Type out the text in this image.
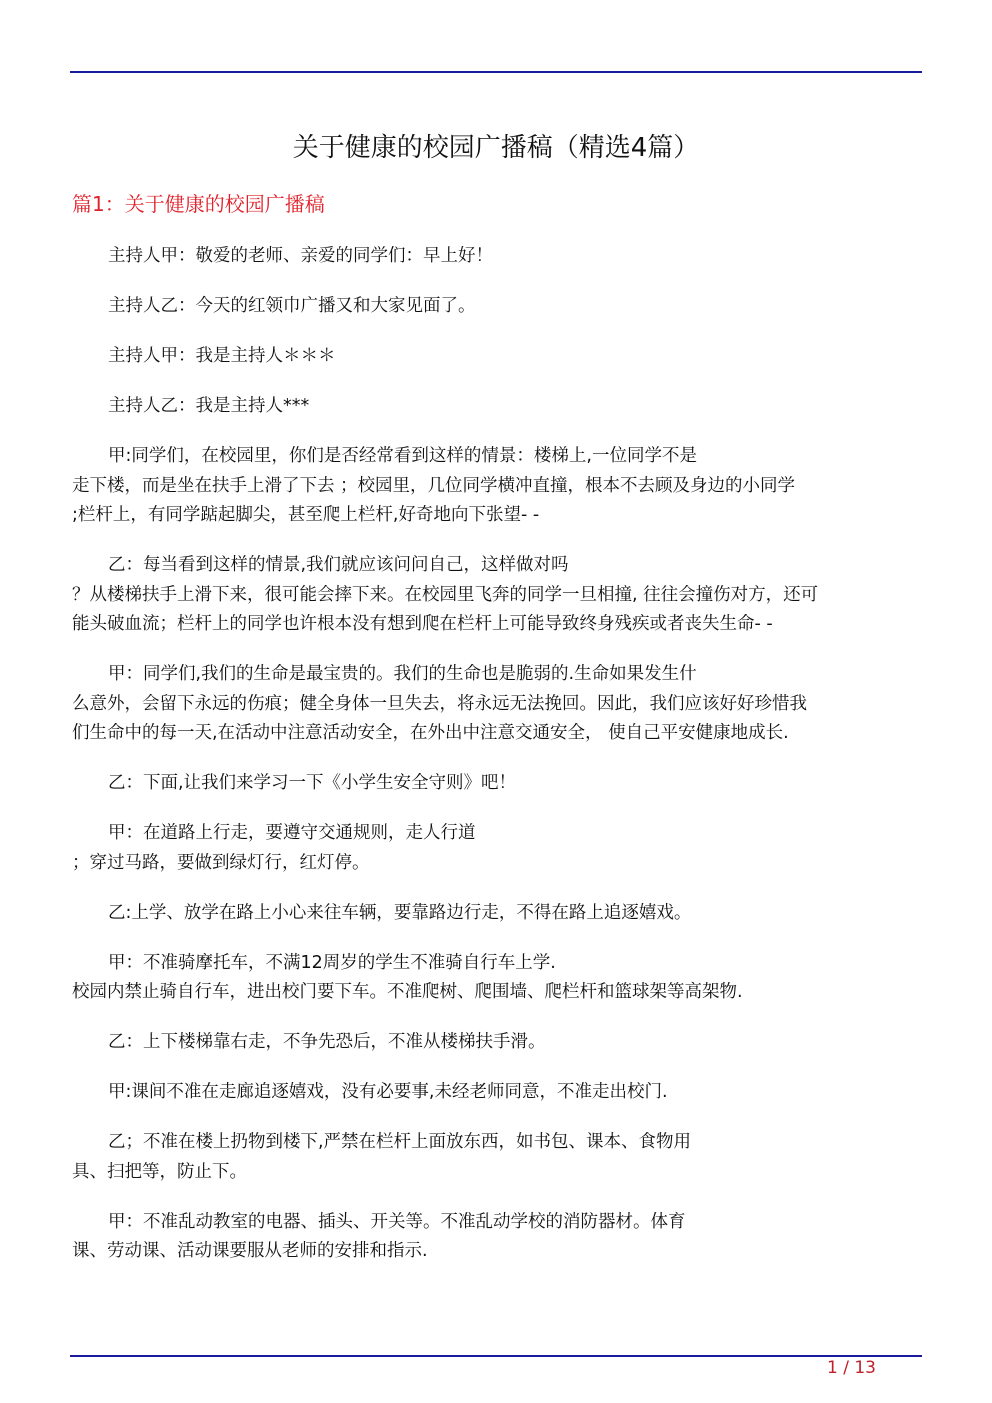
关于健康的校园广播稿（精选4篇）
篇1：关于健康的校园广播稿
主持人甲：敬爱的老师、亲爱的同学们：早上好！
主持人乙：今天的红领巾广播又和大家见面了。
主持人甲：我是主持人＊＊＊
主持人乙：我是主持人***
甲:同学们，在校园里，你们是否经常看到这样的情景：楼梯上,一位同学不是
走下楼，而是坐在扶手上滑了下去 ；校园里，几位同学横冲直撞，根本不去顾及身边的小同学
;栏杆上，有同学踮起脚尖，甚至爬上栏杆,好奇地向下张望- -
乙：每当看到这样的情景,我们就应该问问自己，这样做对吗
？从楼梯扶手上滑下来，很可能会摔下来。在校园里飞奔的同学一旦相撞, 往往会撞伤对方，还可
能头破血流；栏杆上的同学也许根本没有想到爬在栏杆上可能导致终身残疾或者丧失生命- -
甲：同学们,我们的生命是最宝贵的。我们的生命也是脆弱的.生命如果发生什
么意外，会留下永远的伤痕；健全身体一旦失去，将永远无法挽回。因此，我们应该好好珍惜我
们生命中的每一天,在活动中注意活动安全，在外出中注意交通安全， 使自己平安健康地成长.
乙：下面,让我们来学习一下《小学生安全守则》吧！
甲：在道路上行走，要遵守交通规则，走人行道
；穿过马路，要做到绿灯行，红灯停。
乙:上学、放学在路上小心来往车辆，要靠路边行走，不得在路上追逐嬉戏。
甲：不准骑摩托车，不满12周岁的学生不准骑自行车上学.
校园内禁止骑自行车，进出校门要下车。不准爬树、爬围墙、爬栏杆和篮球架等高架物.
乙：上下楼梯靠右走，不争先恐后，不准从楼梯扶手滑。
甲:课间不准在走廊追逐嬉戏，没有必要事,未经老师同意，不准走出校门.
乙；不准在楼上扔物到楼下,严禁在栏杆上面放东西，如书包、课本、食物用
具、扫把等，防止下。
甲：不准乱动教室的电器、插头、开关等。不准乱动学校的消防器材。体育
课、劳动课、活动课要服从老师的安排和指示.
1 / 13
